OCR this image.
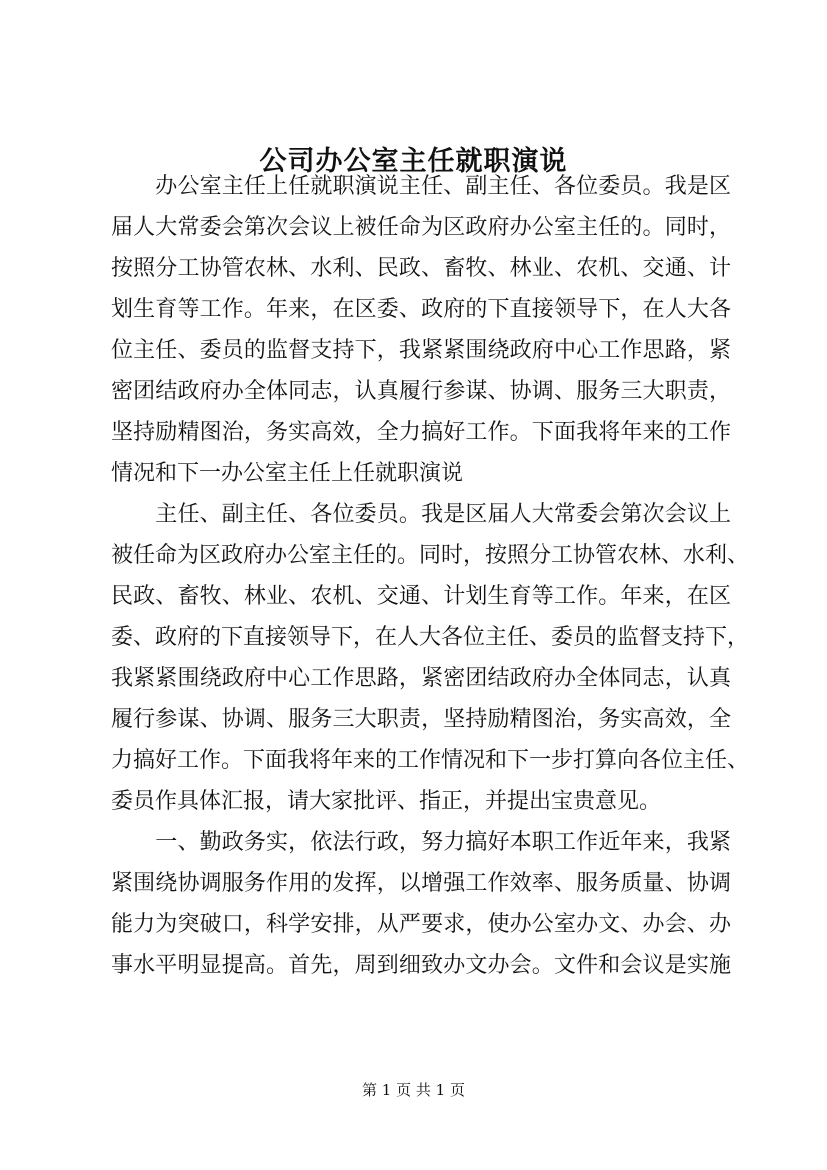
公司办公室主任就职演说
　　办公室主任上任就职演说主任、副主任、各位委员。我是区
届人大常委会第次会议上被任命为区政府办公室主任的。同时，
按照分工协管农林、水利、民政、畜牧、林业、农机、交通、计
划生育等工作。年来，在区委、政府的下直接领导下，在人大各
位主任、委员的监督支持下，我紧紧围绕政府中心工作思路，紧
密团结政府办全体同志，认真履行参谋、协调、服务三大职责，
坚持励精图治，务实高效，全力搞好工作。下面我将年来的工作
情况和下一办公室主任上任就职演说
　　主任、副主任、各位委员。我是区届人大常委会第次会议上
被任命为区政府办公室主任的。同时，按照分工协管农林、水利、
民政、畜牧、林业、农机、交通、计划生育等工作。年来，在区
委、政府的下直接领导下，在人大各位主任、委员的监督支持下，
我紧紧围绕政府中心工作思路，紧密团结政府办全体同志，认真
履行参谋、协调、服务三大职责，坚持励精图治，务实高效，全
力搞好工作。下面我将年来的工作情况和下一步打算向各位主任、
委员作具体汇报，请大家批评、指正，并提出宝贵意见。
　　一、勤政务实，依法行政，努力搞好本职工作近年来，我紧
紧围绕协调服务作用的发挥，以增强工作效率、服务质量、协调
能力为突破口，科学安排，从严要求，使办公室办文、办会、办
事水平明显提高。首先，周到细致办文办会。文件和会议是实施
第 1 页 共 1 页
